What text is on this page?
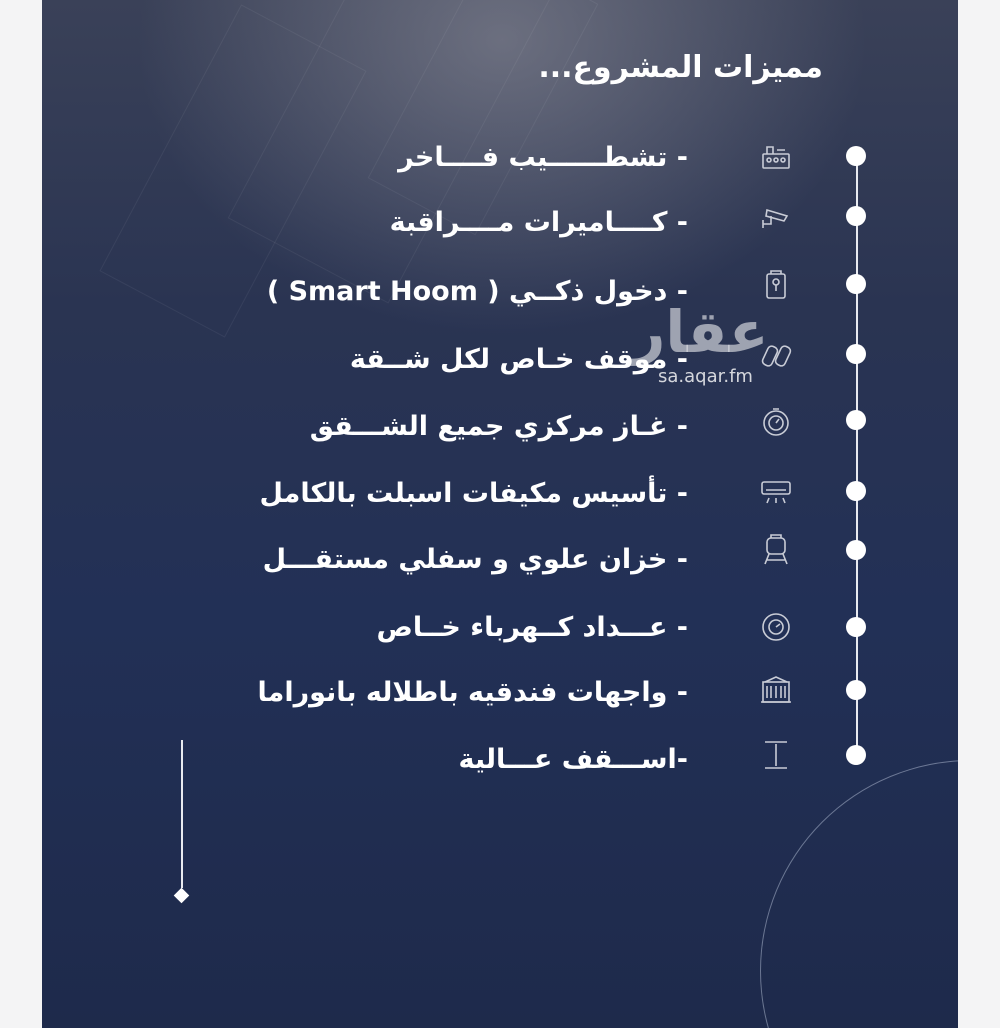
مميزات المشروع...
- تشطــــــيب فــــاخر
- كــــاميرات مــــراقبة
- دخول ذكــي ( Smart Hoom )
- موقف خـاص لكل شــقة
- غـاز مركزي جميع الشـــقق
- تأسيس مكيفات اسبلت بالكامل
- خزان علوي و سفلي مستقـــل
- عـــداد كــهرباء خــاص
- واجهات فندقيه باطلاله بانوراما
-اســـقف عـــالية
عقار
sa.aqar.fm
